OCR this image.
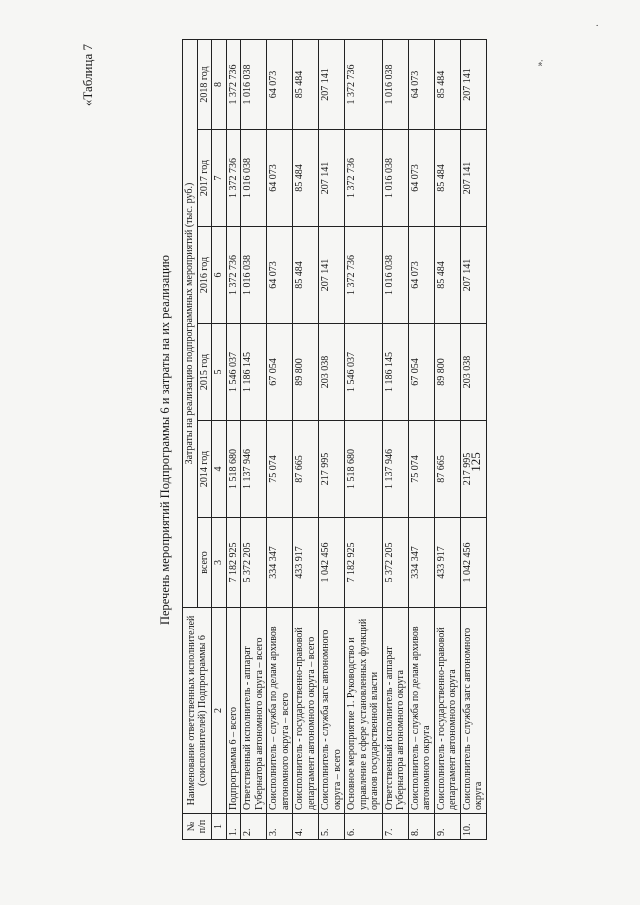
125
.
».
«Таблица 7
Перечень мероприятий Подпрограммы 6 и затраты на их реализацию
№ п/п	Наименование ответственных исполнителей (соисполнителей) Подпрограммы 6	Затраты на реализацию подпрограммных мероприятий (тыс. руб.)					
		всего	2014 год	2015 год	2016 год	2017 год	2018 год
1	2	3	4	5	6	7	8
1.	Подпрограмма 6 – всего	7 182 925	1 518 680	1 546 037	1 372 736	1 372 736	1 372 736
2.	Ответственный исполнитель - аппарат Губернатора автономного округа – всего	5 372 205	1 137 946	1 186 145	1 016 038	1 016 038	1 016 038
3.	Соисполнитель – служба по делам архивов автономного округа – всего	334 347	75 074	67 054	64 073	64 073	64 073
4.	Соисполнитель - государственно-правовой департамент автономного округа – всего	433 917	87 665	89 800	85 484	85 484	85 484
5.	Соисполнитель - служба загс автономного округа – всего	1 042 456	217 995	203 038	207 141	207 141	207 141
6.	Основное мероприятие 1. Руководство и управление в сфере установленных функций органов государственной власти	7 182 925	1 518 680	1 546 037	1 372 736	1 372 736	1 372 736
7.	Ответственный исполнитель - аппарат Губернатора автономного округа	5 372 205	1 137 946	1 186 145	1 016 038	1 016 038	1 016 038
8.	Соисполнитель – служба по делам архивов автономного округа	334 347	75 074	67 054	64 073	64 073	64 073
9.	Соисполнитель - государственно-правовой департамент автономного округа	433 917	87 665	89 800	85 484	85 484	85 484
10.	Соисполнитель – служба загс автономного округа	1 042 456	217 995	203 038	207 141	207 141	207 141
